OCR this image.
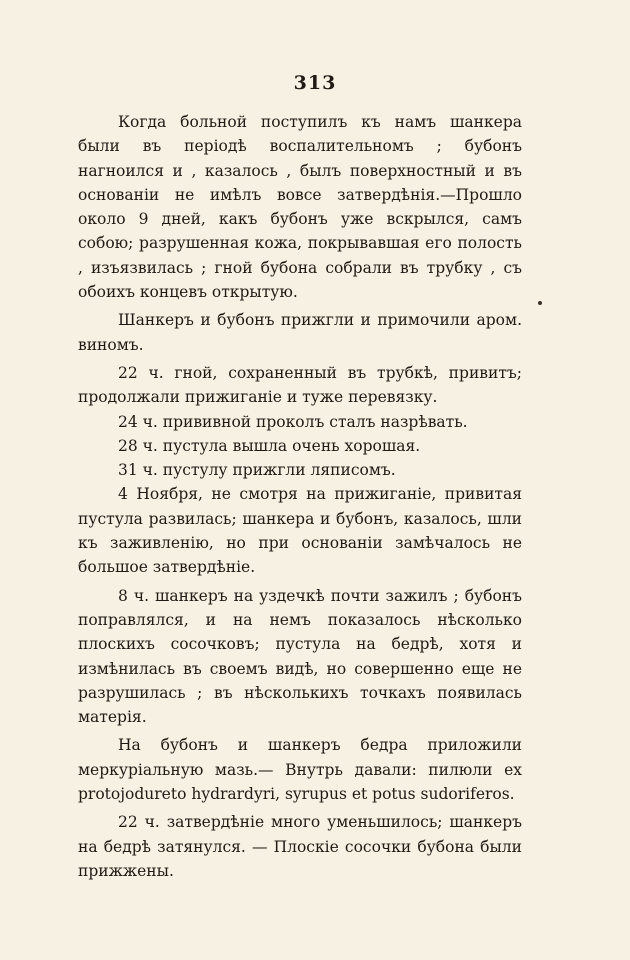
313

Когда больной поступилъ къ намъ шанкера были въ періодѣ воспалительномъ ; бубонъ нагноился и , казалось , былъ поверхностный и въ основаніи не имѣлъ вовсе затвердѣнія.—Прошло около 9 дней, какъ бубонъ уже вскрылся, самъ собою; разрушенная кожа, покрывавшая его полость , изъязвилась ; гной бубона собрали въ трубку , съ обоихъ концевъ открытую.

Шанкеръ и бубонъ прижгли и примочили аром. виномъ.

22 ч. гной, сохраненный въ трубкѣ, привитъ; продолжали прижиганіе и туже перевязку.

24 ч. прививной проколъ сталъ назрѣвать.

28 ч. пустула вышла очень хорошая.

31 ч. пустулу прижгли ляписомъ.

4 Ноября, не смотря на прижиганіе, привитая пустула развилась; шанкера и бубонъ, казалось, шли къ заживленію, но при основаніи замѣчалось не большое затвердѣніе.

8 ч. шанкеръ на уздечкѣ почти зажилъ ; бубонъ поправлялся, и на немъ показалось нѣсколько плоскихъ сосочковъ; пустула на бедрѣ, хотя и измѣнилась въ своемъ видѣ, но совершенно еще не разрушилась ; въ нѣсколькихъ точкахъ появилась матерія.

На бубонъ и шанкеръ бедра приложили меркуріальную мазь.— Внутрь давали: пилюли ex protojodureto hydrardyri, syrupus et potus sudoriferos.

22 ч. затвердѣніе много уменьшилось; шанкеръ на бедрѣ затянулся. — Плоскіе сосочки бубона были прижжены.
